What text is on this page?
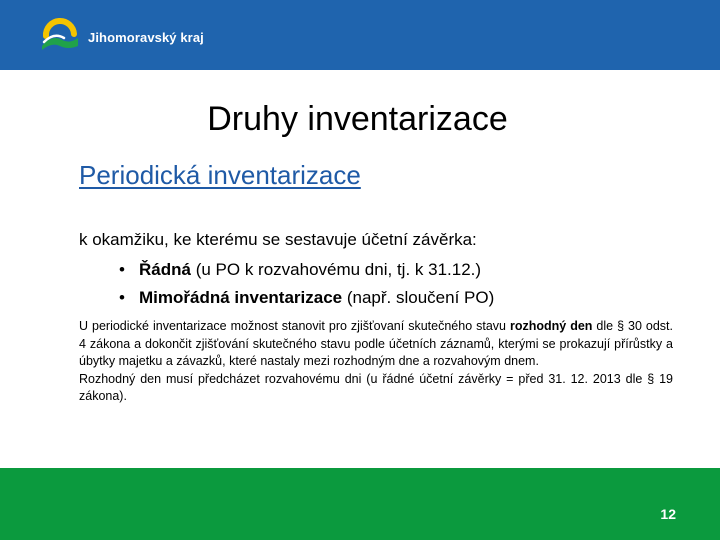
Jihomoravský kraj
Druhy inventarizace
Periodická inventarizace
k okamžiku, ke kterému se sestavuje účetní závěrka:
• Řádná (u PO k rozvahovému dni, tj. k 31.12.)
• Mimořádná inventarizace (např. sloučení PO)

U periodické inventarizace možnost stanovit pro zjišťovaní skutečného stavu rozhodný den dle § 30 odst. 4 zákona a dokončit zjišťování skutečného stavu podle účetních záznamů, kterými se prokazují přírůstky a úbytky majetku a závazků, které nastaly mezi rozhodným dne a rozvahovým dnem.

Rozhodný den musí předcházet rozvahovému dni (u řádné účetní závěrky = před 31. 12. 2013 dle § 19 zákona).

12
